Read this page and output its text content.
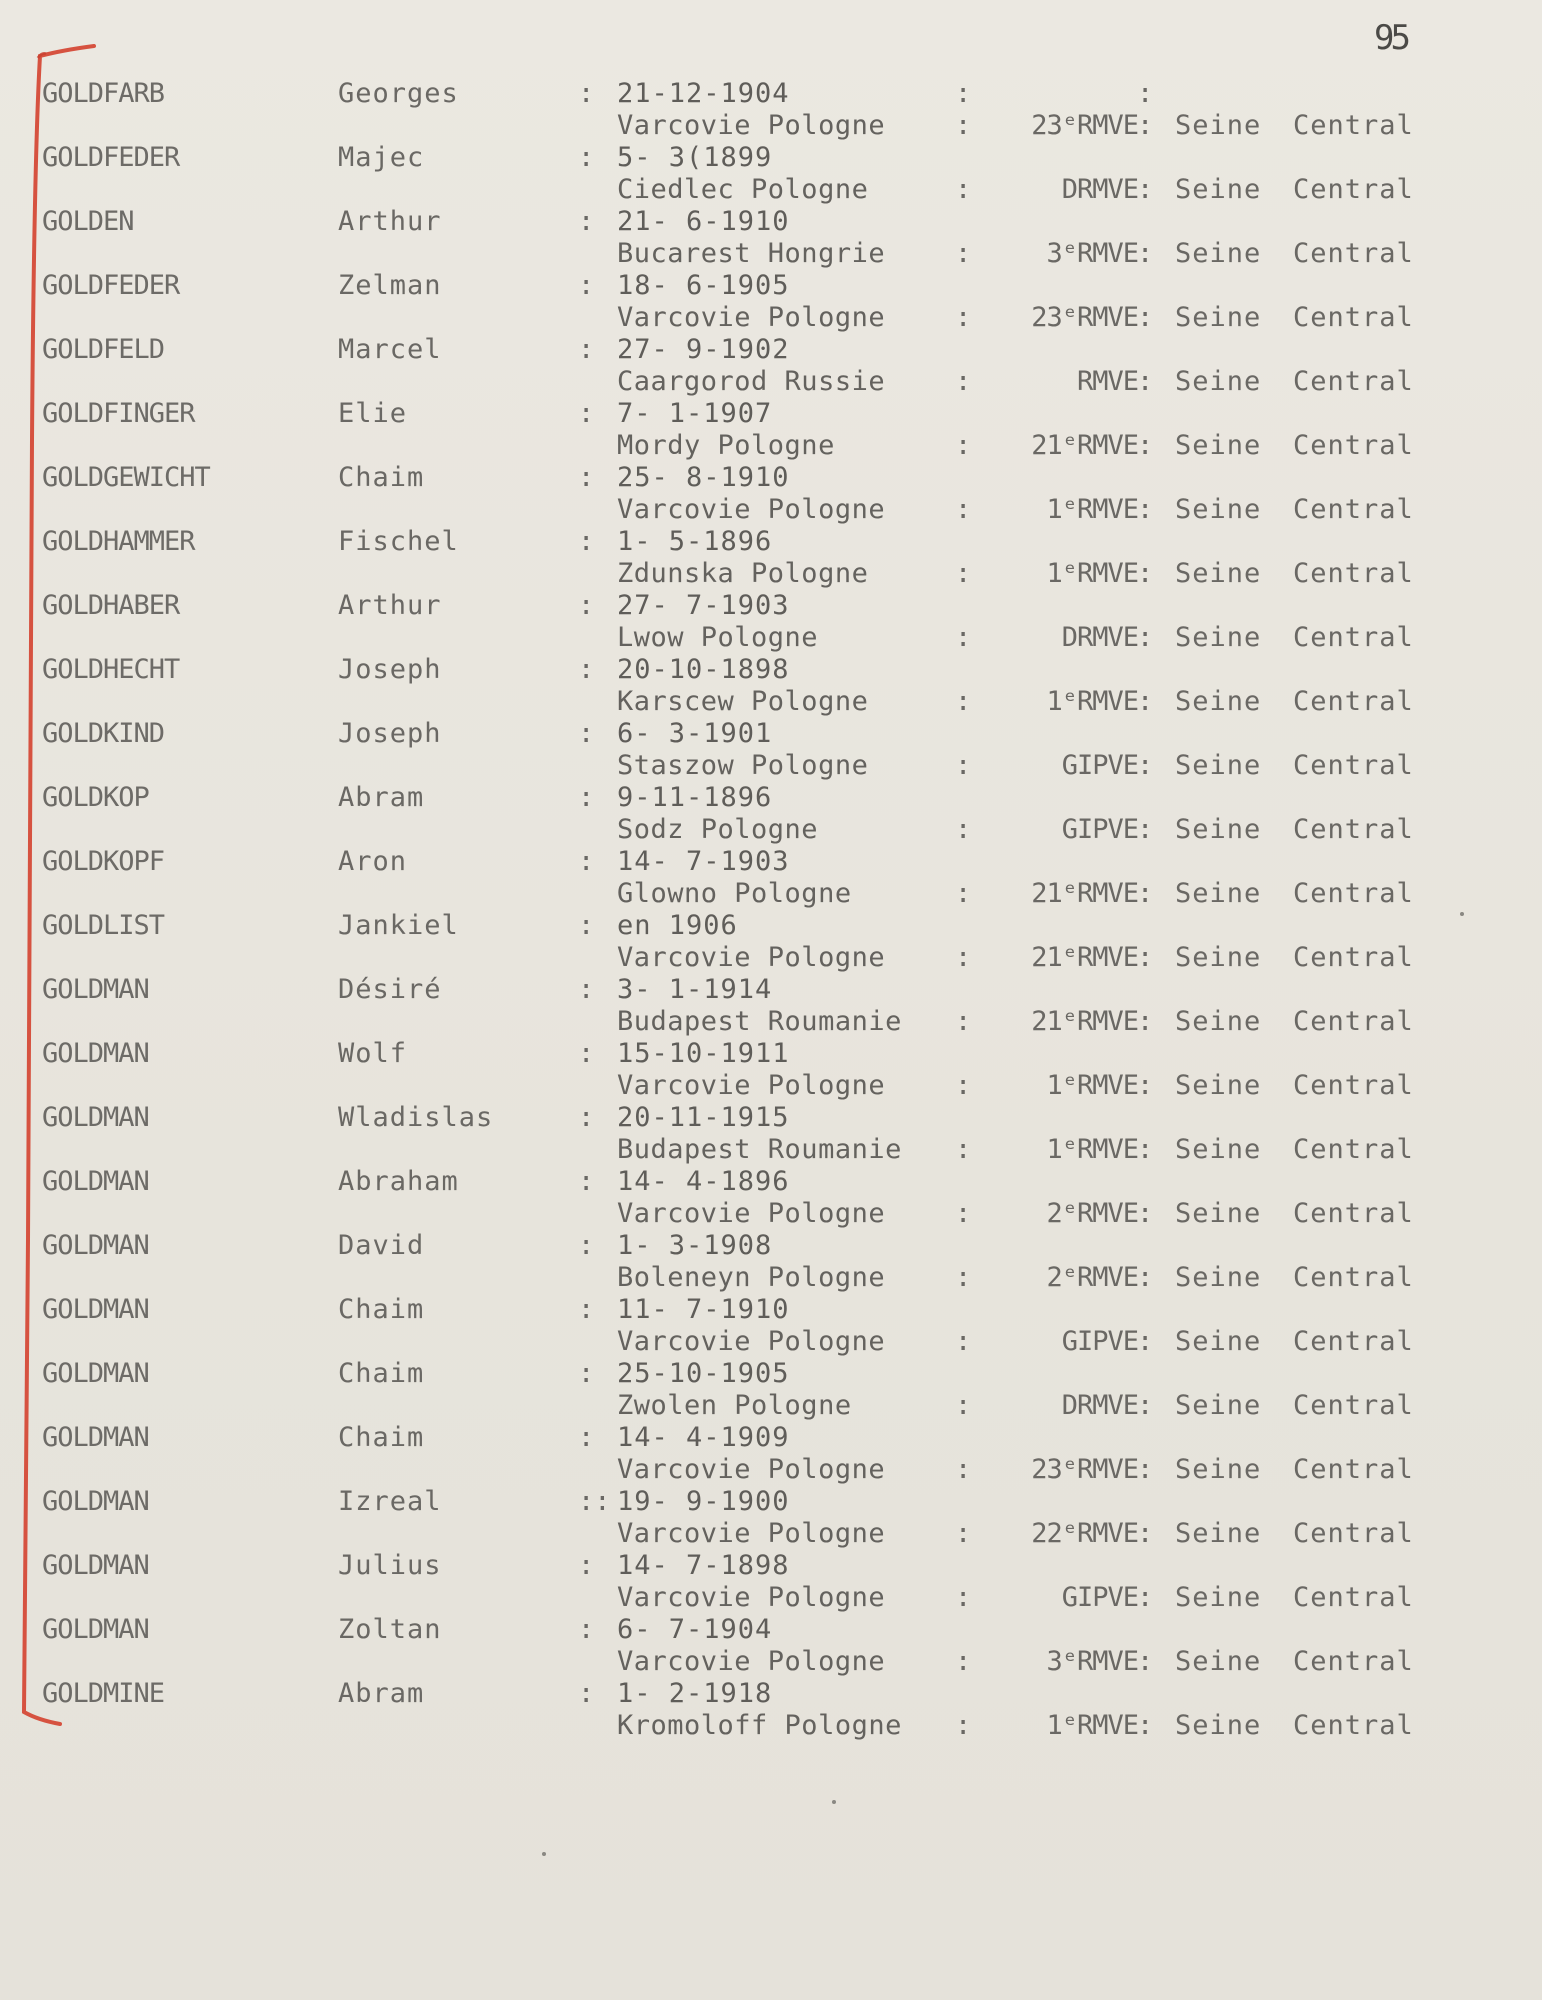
95
GOLDFARB	Georges	: 21-12-1904	:	:
Varcovie Pologne	:	23ᵉRMVE : Seine Central
GOLDFEDER	Majec	: 5- 3(1899
Ciedlec Pologne	:	DRMVE : Seine Central
GOLDEN	Arthur	: 21- 6-1910
Bucarest Hongrie	:	3ᵉRMVE : Seine Central
GOLDFEDER	Zelman	: 18- 6-1905
Varcovie Pologne	:	23ᵉRMVE : Seine Central
GOLDFELD	Marcel	: 27- 9-1902
Caargorod Russie	:	RMVE : Seine Central
GOLDFINGER	Elie	: 7- 1-1907
Mordy Pologne	:	21ᵉRMVE : Seine Central
GOLDGEWICHT	Chaim	: 25- 8-1910
Varcovie Pologne	:	1ᵉRMVE : Seine Central
GOLDHAMMER	Fischel	: 1- 5-1896
Zdunska Pologne	:	1ᵉRMVE : Seine Central
GOLDHABER	Arthur	: 27- 7-1903
Lwow Pologne	:	DRMVE : Seine Central
GOLDHECHT	Joseph	: 20-10-1898
Karscew Pologne	:	1ᵉRMVE : Seine Central
GOLDKIND	Joseph	: 6- 3-1901
Staszow Pologne	:	GIPVE : Seine Central
GOLDKOP	Abram	: 9-11-1896
Sodz Pologne	:	GIPVE : Seine Central
GOLDKOPF	Aron	: 14- 7-1903
Glowno Pologne	:	21ᵉRMVE : Seine Central
GOLDLIST	Jankiel	: en 1906
Varcovie Pologne	:	21ᵉRMVE : Seine Central
GOLDMAN	Désiré	: 3- 1-1914
Budapest Roumanie :	21ᵉRMVE : Seine Central
GOLDMAN	Wolf	: 15-10-1911
Varcovie Pologne	:	1ᵉRMVE : Seine Central
GOLDMAN	Wladislas	: 20-11-1915
Budapest Roumanie :	1ᵉRMVE : Seine Central
GOLDMAN	Abraham	: 14- 4-1896
Varcovie Pologne	:	2ᵉRMVE : Seine Central
GOLDMAN	David	: 1- 3-1908
Boleneyn Pologne	:	2ᵉRMVE : Seine Central
GOLDMAN	Chaim	: 11- 7-1910
Varcovie Pologne	:	GIPVE : Seine Central
GOLDMAN	Chaim	: 25-10-1905
Zwolen Pologne	:	DRMVE : Seine Central
GOLDMAN	Chaim	: 14- 4-1909
Varcovie Pologne	:	23ᵉRMVE : Seine Central
GOLDMAN	Izreal	:: 19- 9-1900
Varcovie Pologne	:	22ᵉRMVE : Seine Central
GOLDMAN	Julius	: 14- 7-1898
Varcovie Pologne	:	GIPVE : Seine Central
GOLDMAN	Zoltan	: 6- 7-1904
Varcovie Pologne	:	3ᵉRMVE : Seine Central
GOLDMINE	Abram	: 1- 2-1918
Kromoloff Pologne :	1ᵉRMVE : Seine Central
